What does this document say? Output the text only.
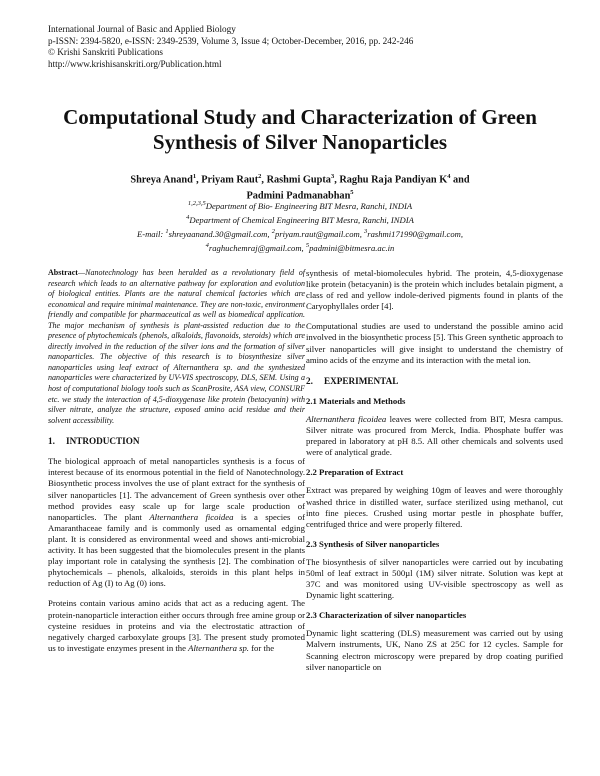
International Journal of Basic and Applied Biology
p-ISSN: 2394-5820, e-ISSN: 2349-2539, Volume 3, Issue 4; October-December, 2016, pp. 242-246
© Krishi Sanskriti Publications
http://www.krishisanskriti.org/Publication.html
Computational Study and Characterization of Green Synthesis of Silver Nanoparticles
Shreya Anand$^1$, Priyam Raut$^2$, Rashmi Gupta$^3$, Raghu Raja Pandiyan $K^4$ and
Padmini Padmanabhan$^5$
$^{1,2,3,5}$Department of Bio- Engineering BIT Mesra, Ranchi, INDIA
$^4$Department of Chemical Engineering BIT Mesra, Ranchi, INDIA
E-mail: $^1$shreyaanand.30@gmail.com, $^2$priyam.raut@gmail.com, $^3$rashmi171990@gmail.com,
$^4$raghuchemraj@gmail.com, $^5$padmini@bitmesra.ac.in

Abstract—Nanotechnology has been heralded as a revolutionary field of research which leads to an alternative pathway for exploration and evolution of biological entities. Plants are the natural chemical factories which are economical and require minimal maintenance. They are non-toxic, environment friendly and compatible for pharmaceutical as well as biomedical application. The major mechanism of synthesis is plant-assisted reduction due to the presence of phytochemicals (phenols, alkaloids, flavonoids, steroids) which are directly involved in the reduction of the silver ions and the formation of silver nanoparticles. The objective of this research is to biosynthesize silver nanoparticles using leaf extract of Alternanthera sp. and the synthesized nanoparticles were characterized by UV-VIS spectroscopy, DLS, SEM. Using a host of computational biology tools such as ScanProsite, ASA view, CONSURF etc. we study the interaction of 4,5-dioxygenase like protein (betacyanin) with silver nitrate, analyze the structure, exposed amino acid residue and their solvent accessibility.

1. INTRODUCTION

The biological approach of metal nanoparticles synthesis is a focus of interest because of its enormous potential in the field of Nanotechnology. Biosynthetic process involves the use of plant extract for the synthesis of silver nanoparticles [1]. The advancement of Green synthesis over other method provides easy scale up for large scale production of nanoparticles. The plant Alternanthera ficoidea is a species of Amaranthaceae family and is commonly used as ornamental edging plant. It is considered as environmental weed and shows anti-microbial activity. It has been suggested that the biomolecules present in the plants play important role in catalysing the synthesis [2]. The combination of phytochemicals – phenols, alkaloids, steroids in this plant helps in reduction of Ag (I) to Ag (0) ions.

Proteins contain various amino acids that act as a reducing agent. The protein-nanoparticle interaction either occurs through free amine group or cysteine residues in proteins and via the electrostatic attraction of negatively charged carboxylate groups [3]. The present study promoted us to investigate enzymes present in the Alternanthera sp. for the

synthesis of metal-biomolecules hybrid. The protein, 4,5-dioxygenase like protein (betacyanin) is the protein which includes betalain pigment, a class of red and yellow indole-derived pigments found in plants of the Caryophyllales order [4].

Computational studies are used to understand the possible amino acid involved in the biosynthetic process [5]. This Green synthetic approach to silver nanoparticles will give insight to understand the chemistry of amino acids of the enzyme and its interaction with the metal ion.

2. EXPERIMENTAL
2.1 Materials and Methods

Alternanthera ficoidea leaves were collected from BIT, Mesra campus. Silver nitrate was procured from Merck, India. Phosphate buffer was prepared in laboratory at pH 8.5. All other chemicals and solvents used were of analytical grade.

2.2 Preparation of Extract

Extract was prepared by weighing 10gm of leaves and were thoroughly washed thrice in distilled water, surface sterilized using methanol, cut into fine pieces. Crushed using mortar pestle in phosphate buffer, centrifuged thrice and were properly filtered.

2.3 Synthesis of Silver nanoparticles

The biosynthesis of silver nanoparticles were carried out by incubating 50ml of leaf extract in 500µl (1M) silver nitrate. Solution was kept at 37C and was monitored using UV-visible spectroscopy as well as Dynamic light scattering.

2.3 Characterization of silver nanoparticles

Dynamic light scattering (DLS) measurement was carried out by using Malvern instruments, UK, Nano ZS at 25C for 12 cycles. Sample for Scanning electron microscopy were prepared by drop coating purified silver nanoparticle on
